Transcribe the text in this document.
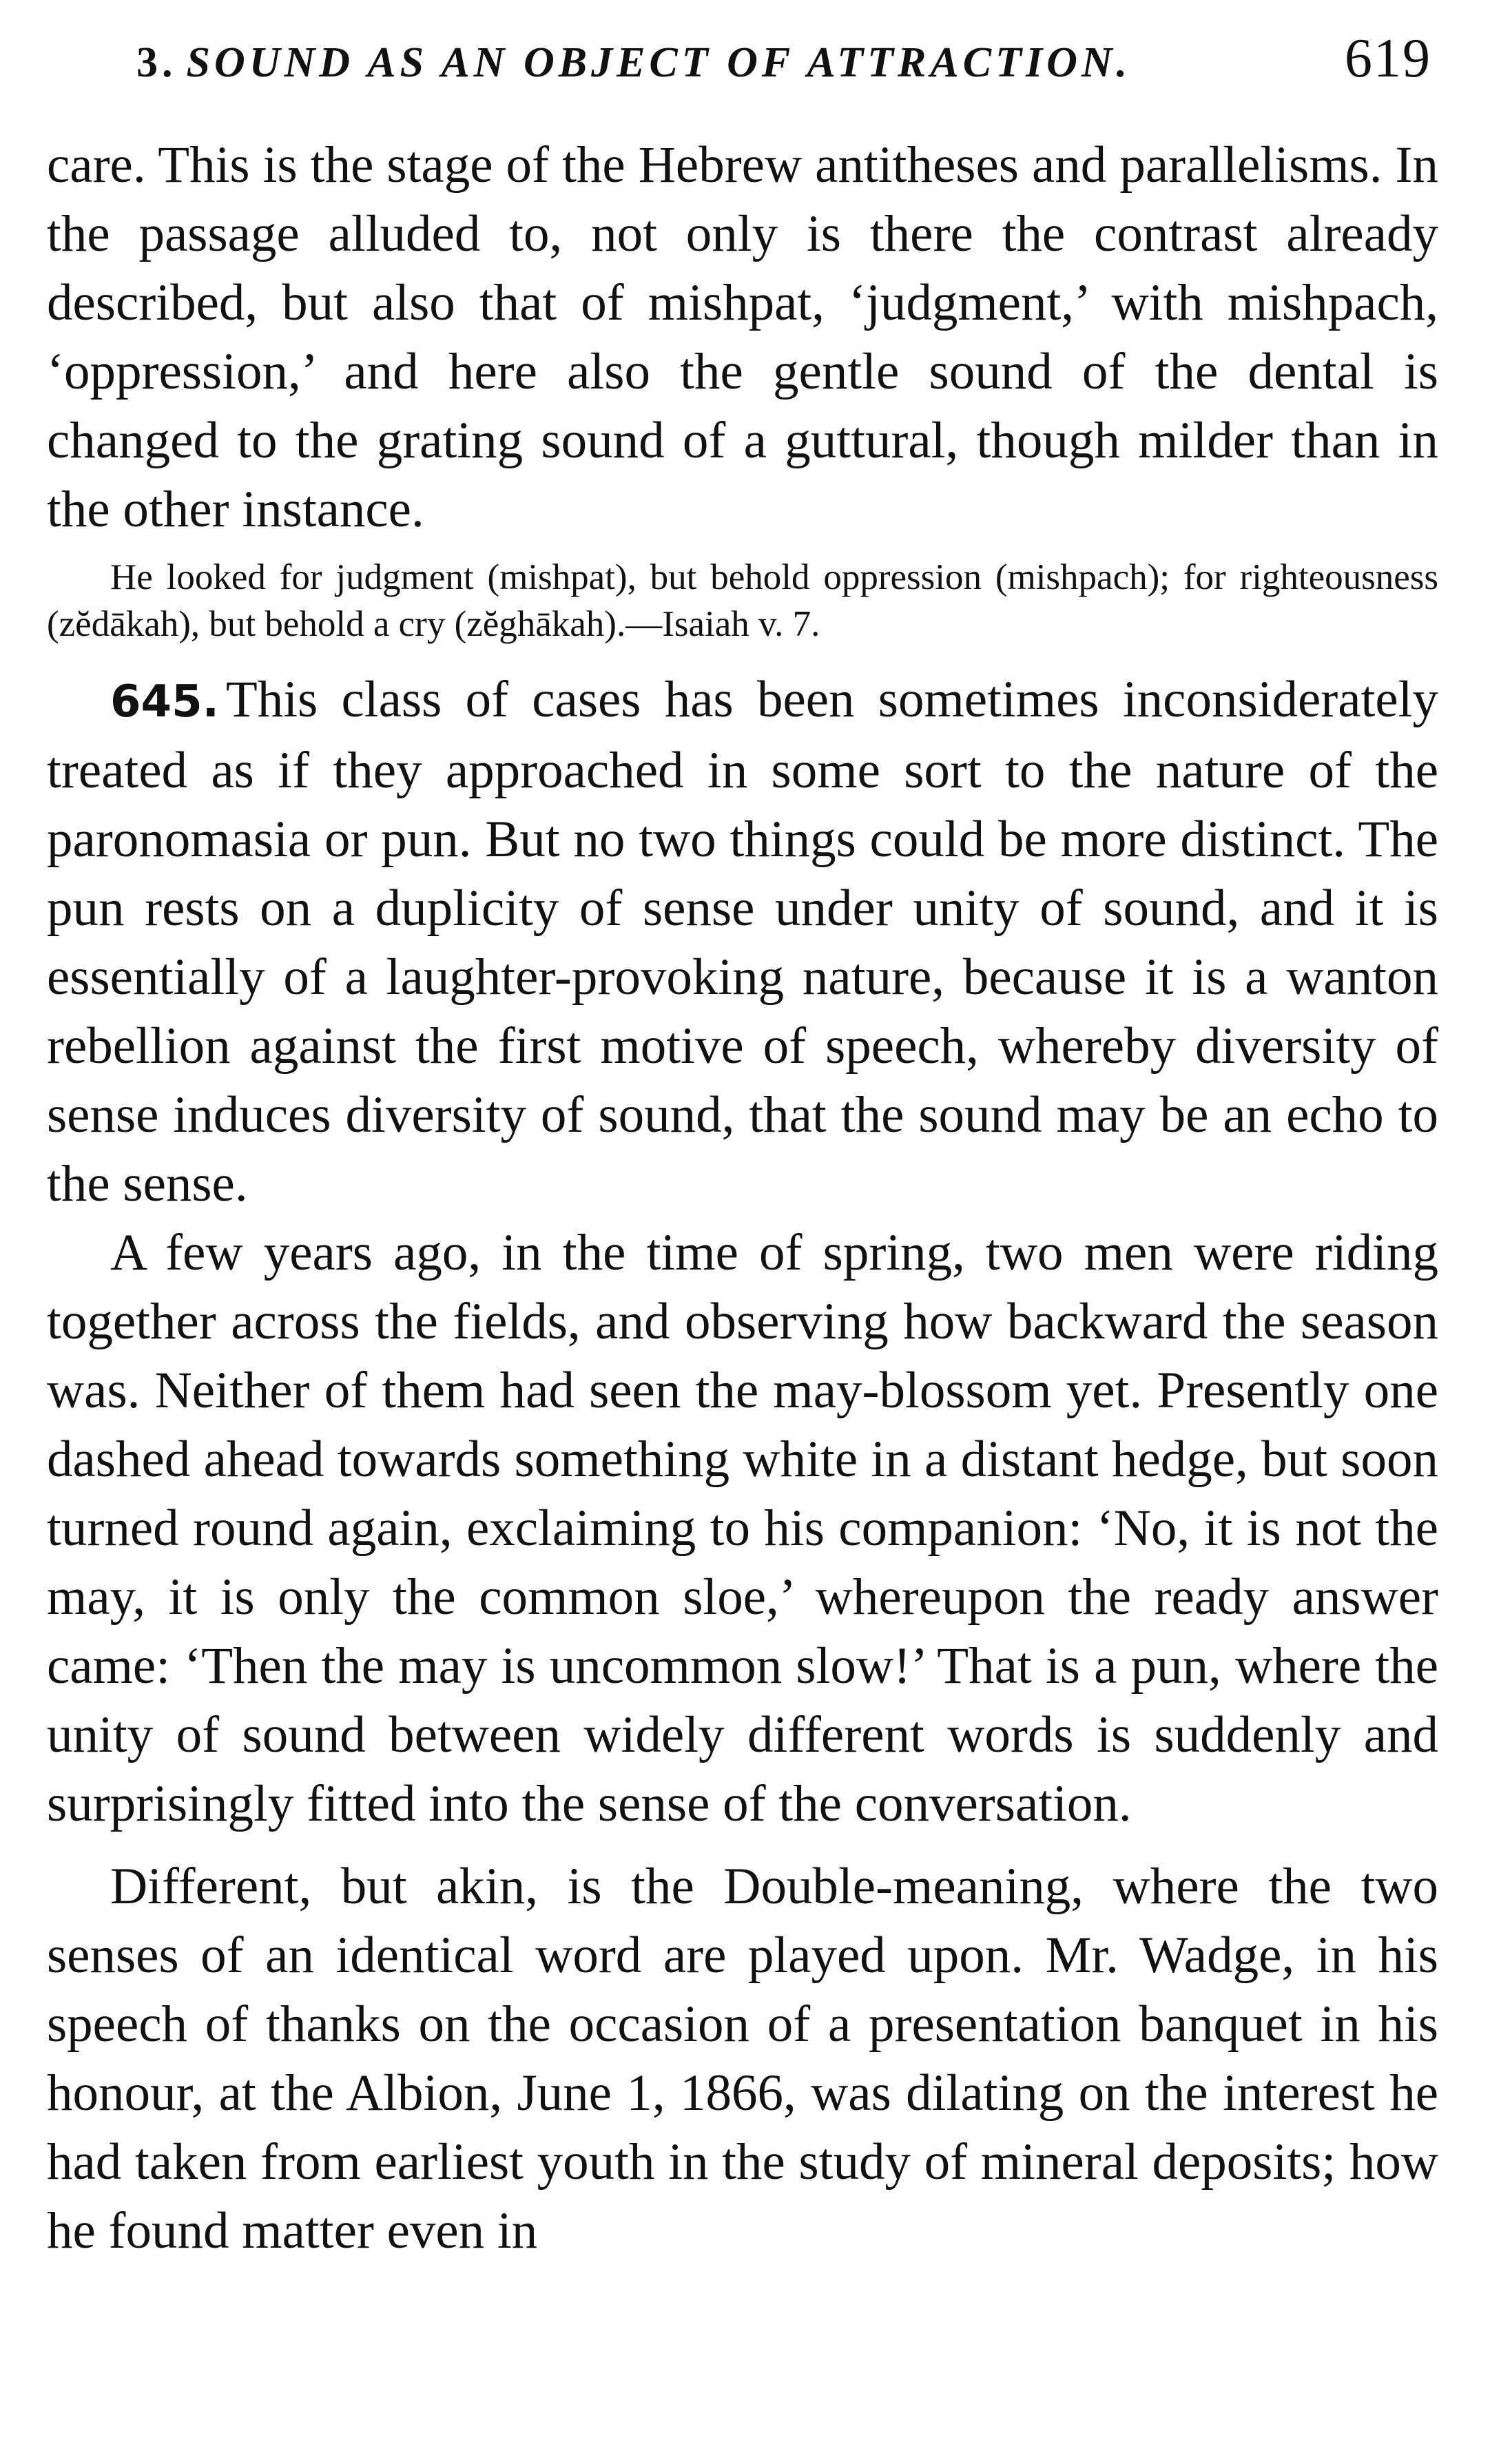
3. SOUND AS AN OBJECT OF ATTRACTION.	619

care. This is the stage of the Hebrew antitheses and parallelisms. In the passage alluded to, not only is there the contrast already described, but also that of mishpat, ‘judgment,’ with mishpach, ‘oppression,’ and here also the gentle sound of the dental is changed to the grating sound of a guttural, though milder than in the other instance.

He looked for judgment (mishpat), but behold oppression (mishpach); for righteousness (zĕdākah), but behold a cry (zĕghākah).—Isaiah v. 7.

645. This class of cases has been sometimes inconsiderately treated as if they approached in some sort to the nature of the paronomasia or pun. But no two things could be more distinct. The pun rests on a duplicity of sense under unity of sound, and it is essentially of a laughter-provoking nature, because it is a wanton rebellion against the first motive of speech, whereby diversity of sense induces diversity of sound, that the sound may be an echo to the sense.

A few years ago, in the time of spring, two men were riding together across the fields, and observing how backward the season was. Neither of them had seen the may-blossom yet. Presently one dashed ahead towards something white in a distant hedge, but soon turned round again, exclaiming to his companion: ‘No, it is not the may, it is only the common sloe,’ whereupon the ready answer came: ‘Then the may is uncommon slow!’ That is a pun, where the unity of sound between widely different words is suddenly and surprisingly fitted into the sense of the conversation.

Different, but akin, is the Double-meaning, where the two senses of an identical word are played upon. Mr. Wadge, in his speech of thanks on the occasion of a presentation banquet in his honour, at the Albion, June 1, 1866, was dilating on the interest he had taken from earliest youth in the study of mineral deposits; how he found matter even in
